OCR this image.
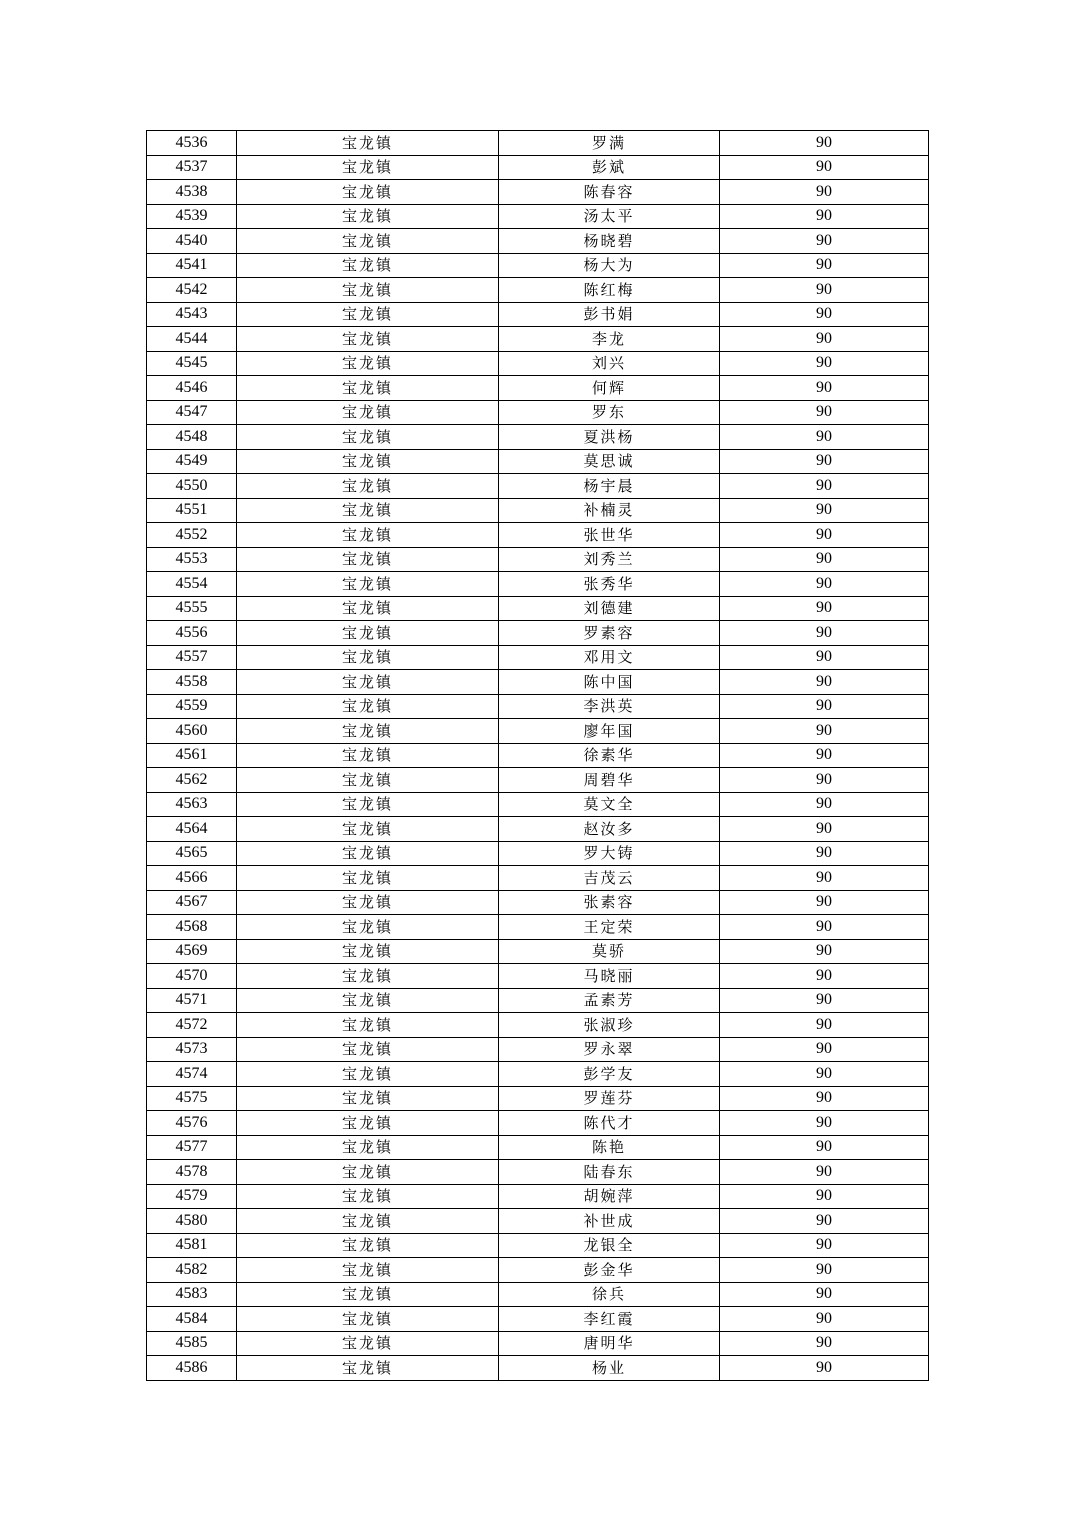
4536	宝龙镇	罗满	90
4537	宝龙镇	彭斌	90
4538	宝龙镇	陈春容	90
4539	宝龙镇	汤太平	90
4540	宝龙镇	杨晓碧	90
4541	宝龙镇	杨大为	90
4542	宝龙镇	陈红梅	90
4543	宝龙镇	彭书娟	90
4544	宝龙镇	李龙	90
4545	宝龙镇	刘兴	90
4546	宝龙镇	何辉	90
4547	宝龙镇	罗东	90
4548	宝龙镇	夏洪杨	90
4549	宝龙镇	莫思诚	90
4550	宝龙镇	杨宇晨	90
4551	宝龙镇	补楠灵	90
4552	宝龙镇	张世华	90
4553	宝龙镇	刘秀兰	90
4554	宝龙镇	张秀华	90
4555	宝龙镇	刘德建	90
4556	宝龙镇	罗素容	90
4557	宝龙镇	邓用文	90
4558	宝龙镇	陈中国	90
4559	宝龙镇	李洪英	90
4560	宝龙镇	廖年国	90
4561	宝龙镇	徐素华	90
4562	宝龙镇	周碧华	90
4563	宝龙镇	莫文全	90
4564	宝龙镇	赵汝多	90
4565	宝龙镇	罗大铸	90
4566	宝龙镇	吉茂云	90
4567	宝龙镇	张素容	90
4568	宝龙镇	王定荣	90
4569	宝龙镇	莫骄	90
4570	宝龙镇	马晓丽	90
4571	宝龙镇	孟素芳	90
4572	宝龙镇	张淑珍	90
4573	宝龙镇	罗永翠	90
4574	宝龙镇	彭学友	90
4575	宝龙镇	罗莲芬	90
4576	宝龙镇	陈代才	90
4577	宝龙镇	陈艳	90
4578	宝龙镇	陆春东	90
4579	宝龙镇	胡婉萍	90
4580	宝龙镇	补世成	90
4581	宝龙镇	龙银全	90
4582	宝龙镇	彭金华	90
4583	宝龙镇	徐兵	90
4584	宝龙镇	李红霞	90
4585	宝龙镇	唐明华	90
4586	宝龙镇	杨业	90
